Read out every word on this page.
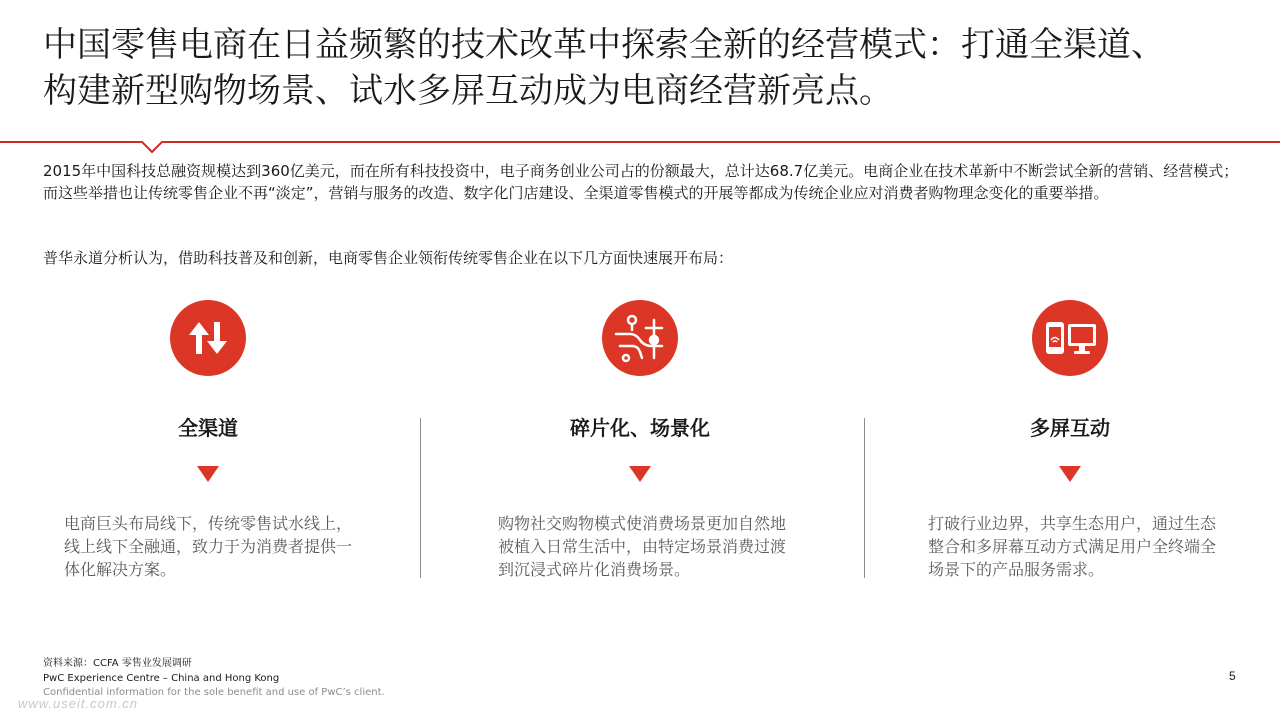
中国零售电商在日益频繁的技术改革中探索全新的经营模式：打通全渠道、
构建新型购物场景、试水多屏互动成为电商经营新亮点。
2015年中国科技总融资规模达到360亿美元，而在所有科技投资中，电子商务创业公司占的份额最大，总计达68.7亿美元。电商企业在技术革新中不断尝试全新的营销、经营模式；而这些举措也让传统零售企业不再“淡定”，营销与服务的改造、数字化门店建设、全渠道零售模式的开展等都成为传统企业应对消费者购物理念变化的重要举措。
普华永道分析认为，借助科技普及和创新，电商零售企业领衔传统零售企业在以下几方面快速展开布局：
全渠道
电商巨头布局线下，传统零售试水线上，线上线下全融通，致力于为消费者提供一体化解决方案。
碎片化、场景化
购物社交购物模式使消费场景更加自然地被植入日常生活中，由特定场景消费过渡到沉浸式碎片化消费场景。
多屏互动
打破行业边界，共享生态用户，通过生态整合和多屏幕互动方式满足用户全终端全场景下的产品服务需求。
资料来源：CCFA 零售业发展调研
PwC Experience Centre – China and Hong Kong
Confidential information for the sole benefit and use of PwC’s client.
5
www.useit.com.cn
